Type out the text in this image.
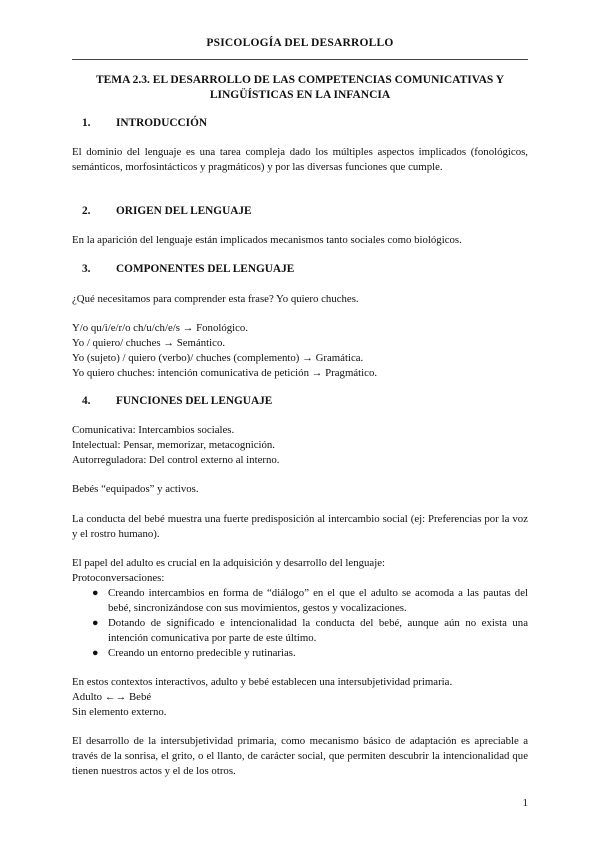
PSICOLOGÍA DEL DESARROLLO
TEMA 2.3. EL DESARROLLO DE LAS COMPETENCIAS COMUNICATIVAS Y
LINGÜÍSTICAS EN LA INFANCIA
1. INTRODUCCIÓN
El dominio del lenguaje es una tarea compleja dado los múltiples aspectos implicados (fonológicos, semánticos, morfosintácticos y pragmáticos) y por las diversas funciones que cumple.
2. ORIGEN DEL LENGUAJE
En la aparición del lenguaje están implicados mecanismos tanto sociales como biológicos.
3. COMPONENTES DEL LENGUAJE
¿Qué necesitamos para comprender esta frase? Yo quiero chuches.
Y/o qu/i/e/r/o ch/u/ch/e/s → Fonológico.
Yo / quiero/ chuches → Semántico.
Yo (sujeto) / quiero (verbo)/ chuches (complemento) → Gramática.
Yo quiero chuches: intención comunicativa de petición → Pragmático.
4. FUNCIONES DEL LENGUAJE
Comunicativa: Intercambios sociales.
Intelectual: Pensar, memorizar, metacognición.
Autorreguladora: Del control externo al interno.
Bebés “equipados” y activos.
La conducta del bebé muestra una fuerte predisposición al intercambio social (ej: Preferencias por la voz y el rostro humano).
El papel del adulto es crucial en la adquisición y desarrollo del lenguaje:
Protoconversaciones:
● Creando intercambios en forma de “diálogo” en el que el adulto se acomoda a las pautas del bebé, sincronizándose con sus movimientos, gestos y vocalizaciones.
● Dotando de significado e intencionalidad la conducta del bebé, aunque aún no exista una intención comunicativa por parte de este último.
● Creando un entorno predecible y rutinarias.
En estos contextos interactivos, adulto y bebé establecen una intersubjetividad primaria.
Adulto ←→ Bebé
Sin elemento externo.
El desarrollo de la intersubjetividad primaria, como mecanismo básico de adaptación es apreciable a través de la sonrisa, el grito, o el llanto, de carácter social, que permiten descubrir la intencionalidad que tienen nuestros actos y el de los otros.
1
